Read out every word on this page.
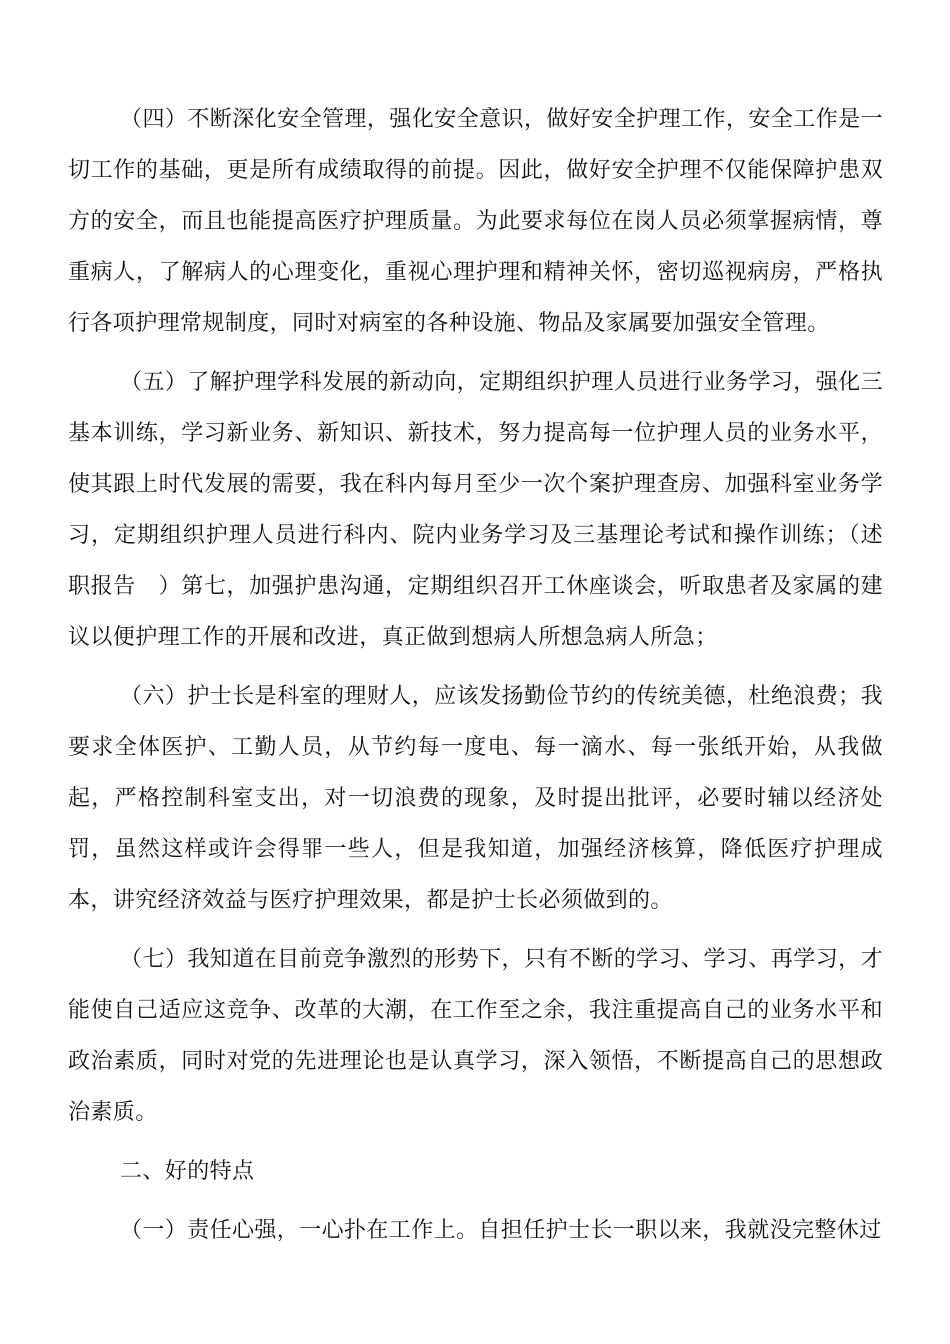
（四）不断深化安全管理，强化安全意识，做好安全护理工作，安全工作是一切工作的基础，更是所有成绩取得的前提。因此，做好安全护理不仅能保障护患双方的安全，而且也能提高医疗护理质量。为此要求每位在岗人员必须掌握病情，尊重病人，了解病人的心理变化，重视心理护理和精神关怀，密切巡视病房，严格执行各项护理常规制度，同时对病室的各种设施、物品及家属要加强安全管理。

（五）了解护理学科发展的新动向，定期组织护理人员进行业务学习，强化三基本训练，学习新业务、新知识、新技术，努力提高每一位护理人员的业务水平，使其跟上时代发展的需要，我在科内每月至少一次个案护理查房、加强科室业务学习，定期组织护理人员进行科内、院内业务学习及三基理论考试和操作训练；（述职报告　）第七，加强护患沟通，定期组织召开工休座谈会，听取患者及家属的建议以便护理工作的开展和改进，真正做到想病人所想急病人所急；

（六）护士长是科室的理财人，应该发扬勤俭节约的传统美德，杜绝浪费；我要求全体医护、工勤人员，从节约每一度电、每一滴水、每一张纸开始，从我做起，严格控制科室支出，对一切浪费的现象，及时提出批评，必要时辅以经济处罚，虽然这样或许会得罪一些人，但是我知道，加强经济核算，降低医疗护理成本，讲究经济效益与医疗护理效果，都是护士长必须做到的。

（七）我知道在目前竞争激烈的形势下，只有不断的学习、学习、再学习，才能使自己适应这竞争、改革的大潮，在工作至之余，我注重提高自己的业务水平和政治素质，同时对党的先进理论也是认真学习，深入领悟，不断提高自己的思想政治素质。

二、好的特点

（一）责任心强，一心扑在工作上。自担任护士长一职以来，我就没完整休过
